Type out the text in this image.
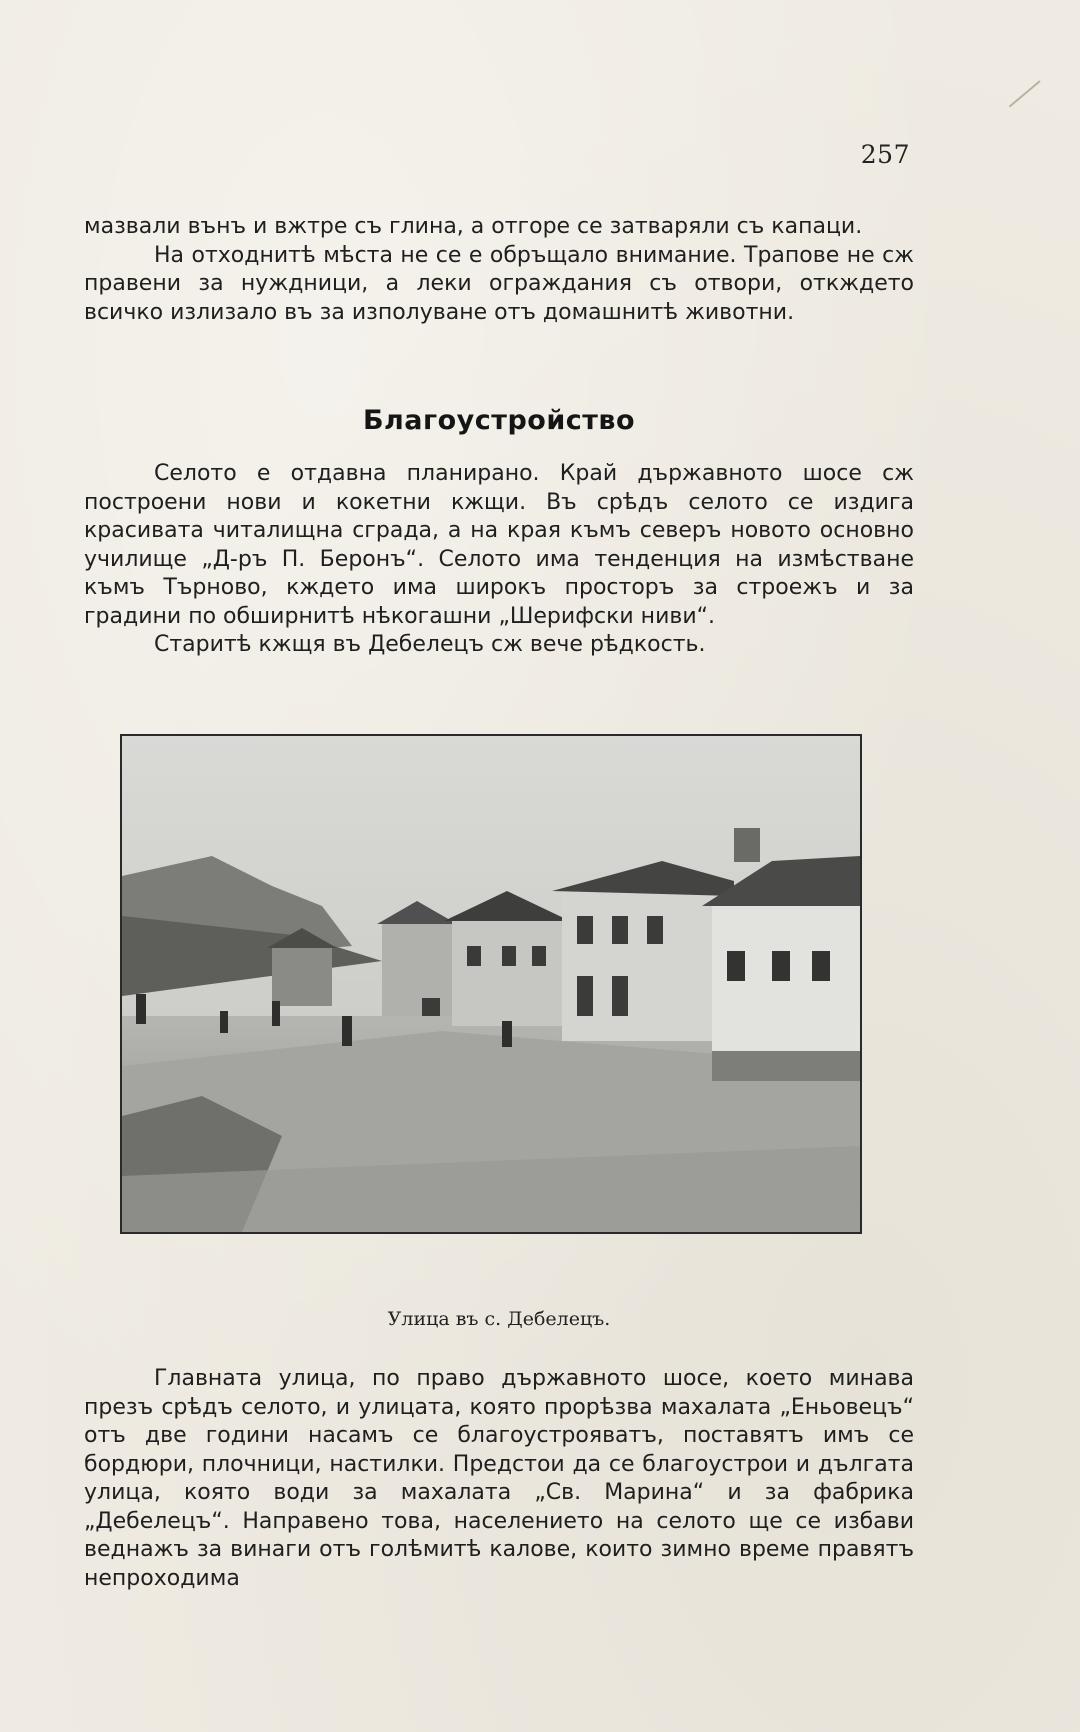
257

мазвали вънъ и вжтре съ глина, а отгоре се затваряли съ капаци.

На отходнитѣ мѣста не се е обръщало внимание. Трапове не сж правени за нуждници, а леки ограждания съ отвори, откждето всичко излизало въ за изполуване отъ домашнитѣ животни.

Благоустройство

Селото е отдавна планирано. Край държавното шосе сж построени нови и кокетни кжщи. Въ срѣдъ селото се издига красивата читалищна сграда, а на края къмъ северъ новото основно училище „Д-ръ П. Беронъ“. Селото има тенденция на измѣстване къмъ Търново, кждето има широкъ просторъ за строежъ и за градини по обширнитѣ нѣкогашни „Шерифски ниви“.

Старитѣ кжщя въ Дебелецъ сж вече рѣдкость.

Улица въ с. Дебелецъ.

Главната улица, по право държавното шосе, което минава презъ срѣдъ селото, и улицата, която прорѣзва махалата „Еньовецъ“ отъ две години насамъ се благоустрояватъ, поставятъ имъ се бордюри, плочници, настилки. Предстои да се благоустрои и дългата улица, която води за махалата „Св. Марина“ и за фабрика „Дебелецъ“. Направено това, населението на селото ще се избави веднажъ за винаги отъ голѣмитѣ калове, които зимно време правятъ непроходима
